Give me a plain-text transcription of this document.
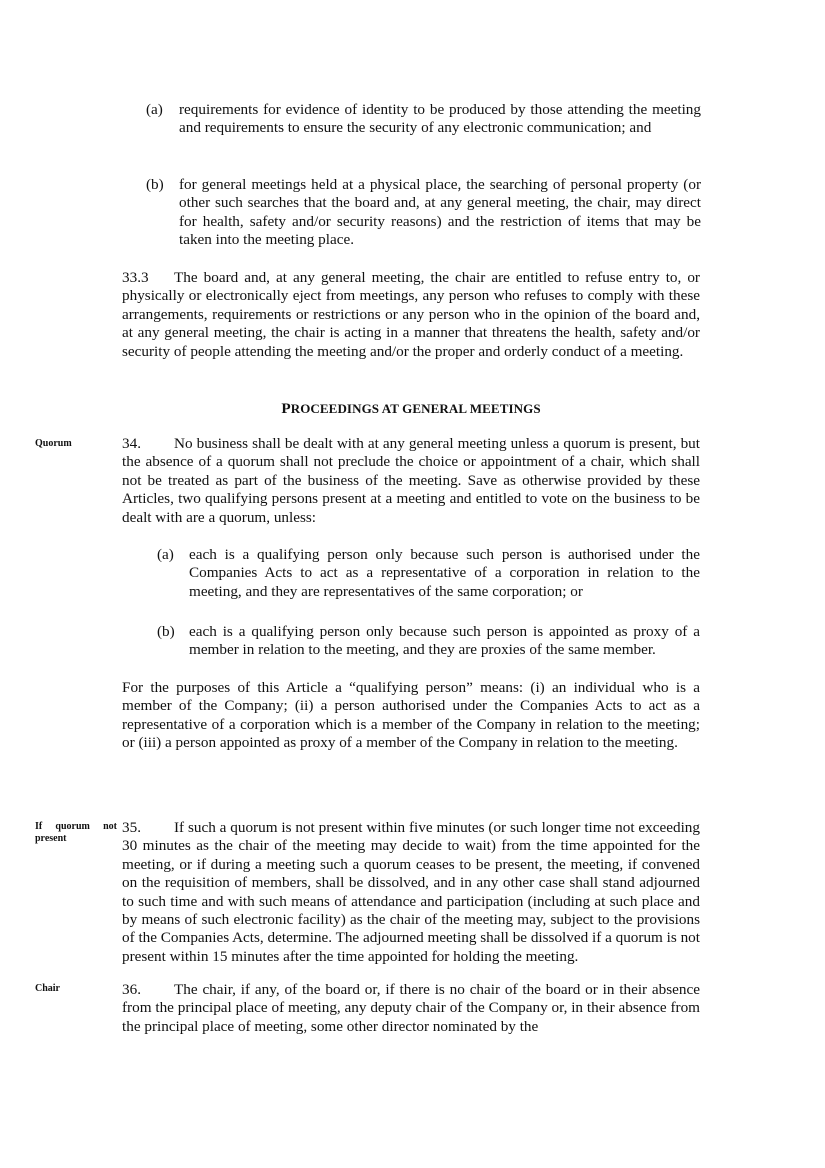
(a) requirements for evidence of identity to be produced by those attending the meeting and requirements to ensure the security of any electronic communication; and
(b) for general meetings held at a physical place, the searching of personal property (or other such searches that the board and, at any general meeting, the chair, may direct for health, safety and/or security reasons) and the restriction of items that may be taken into the meeting place.
33.3 The board and, at any general meeting, the chair are entitled to refuse entry to, or physically or electronically eject from meetings, any person who refuses to comply with these arrangements, requirements or restrictions or any person who in the opinion of the board and, at any general meeting, the chair is acting in a manner that threatens the health, safety and/or security of people attending the meeting and/or the proper and orderly conduct of a meeting.
PROCEEDINGS AT GENERAL MEETINGS
Quorum	34. No business shall be dealt with at any general meeting unless a quorum is present, but the absence of a quorum shall not preclude the choice or appointment of a chair, which shall not be treated as part of the business of the meeting. Save as otherwise provided by these Articles, two qualifying persons present at a meeting and entitled to vote on the business to be dealt with are a quorum, unless:
(a) each is a qualifying person only because such person is authorised under the Companies Acts to act as a representative of a corporation in relation to the meeting, and they are representatives of the same corporation; or
(b) each is a qualifying person only because such person is appointed as proxy of a member in relation to the meeting, and they are proxies of the same member.
For the purposes of this Article a “qualifying person” means: (i) an individual who is a member of the Company; (ii) a person authorised under the Companies Acts to act as a representative of a corporation which is a member of the Company in relation to the meeting; or (iii) a person appointed as proxy of a member of the Company in relation to the meeting.
If quorum not
present
35. If such a quorum is not present within five minutes (or such longer time not exceeding 30 minutes as the chair of the meeting may decide to wait) from the time appointed for the meeting, or if during a meeting such a quorum ceases to be present, the meeting, if convened on the requisition of members, shall be dissolved, and in any other case shall stand adjourned to such time and with such means of attendance and participation (including at such place and by means of such electronic facility) as the chair of the meeting may, subject to the provisions of the Companies Acts, determine. The adjourned meeting shall be dissolved if a quorum is not present within 15 minutes after the time appointed for holding the meeting.
Chair	36. The chair, if any, of the board or, if there is no chair of the board or in their absence from the principal place of meeting, any deputy chair of the Company or, in their absence from the principal place of meeting, some other director nominated by the
